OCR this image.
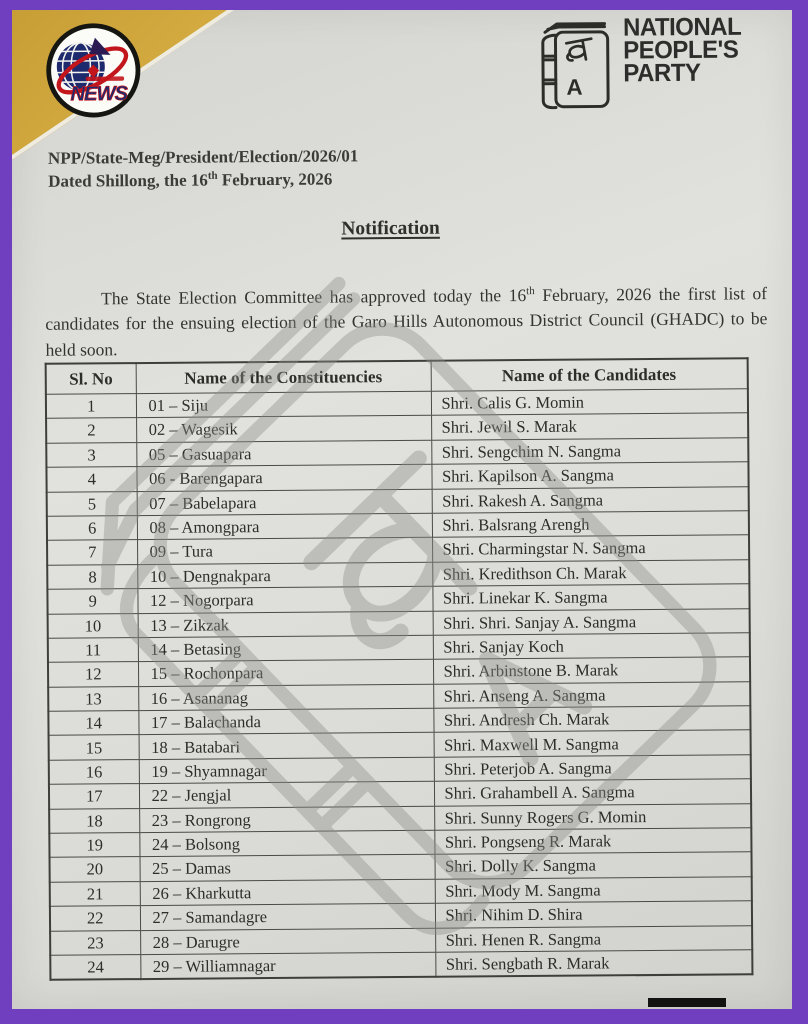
NEWS	A
NATIONAL
PEOPLE'S
PARTY
NPP/State-Meg/President/Election/2026/01
Dated Shillong, the 16th February, 2026
Notification

The State Election Committee has approved today the 16th February, 2026 the first list of candidates for the ensuing election of the Garo Hills Autonomous District Council (GHADC) to be held soon.

Sl. No	Name of the Constituencies	Name of the Candidates
1	01 – Siju	Shri. Calis G. Momin
2	02 – Wagesik	Shri. Jewil S. Marak
3	05 – Gasuapara	Shri. Sengchim N. Sangma
4	06 - Barengapara	Shri. Kapilson A. Sangma
5	07 – Babelapara	Shri. Rakesh A. Sangma
6	08 – Amongpara	Shri. Balsrang Arengh
7	09 – Tura	Shri. Charmingstar N. Sangma
8	10 – Dengnakpara	Shri. Kredithson Ch. Marak
9	12 – Nogorpara	Shri. Linekar K. Sangma
10	13 – Zikzak	Shri. Shri. Sanjay A. Sangma
11	14 – Betasing	Shri. Sanjay Koch
12	15 – Rochonpara	Shri. Arbinstone B. Marak
13	16 – Asananag	Shri. Anseng A. Sangma
14	17 – Balachanda	Shri. Andresh Ch. Marak
15	18 – Batabari	Shri. Maxwell M. Sangma
16	19 – Shyamnagar	Shri. Peterjob A. Sangma
17	22 – Jengjal	Shri. Grahambell A. Sangma
18	23 – Rongrong	Shri. Sunny Rogers G. Momin
19	24 – Bolsong	Shri. Pongseng R. Marak
20	25 – Damas	Shri. Dolly K. Sangma
21	26 – Kharkutta	Shri. Mody M. Sangma
22	27 – Samandagre	Shri. Nihim D. Shira
23	28 – Darugre	Shri. Henen R. Sangma
24	29 – Williamnagar	Shri. Sengbath R. Marak
